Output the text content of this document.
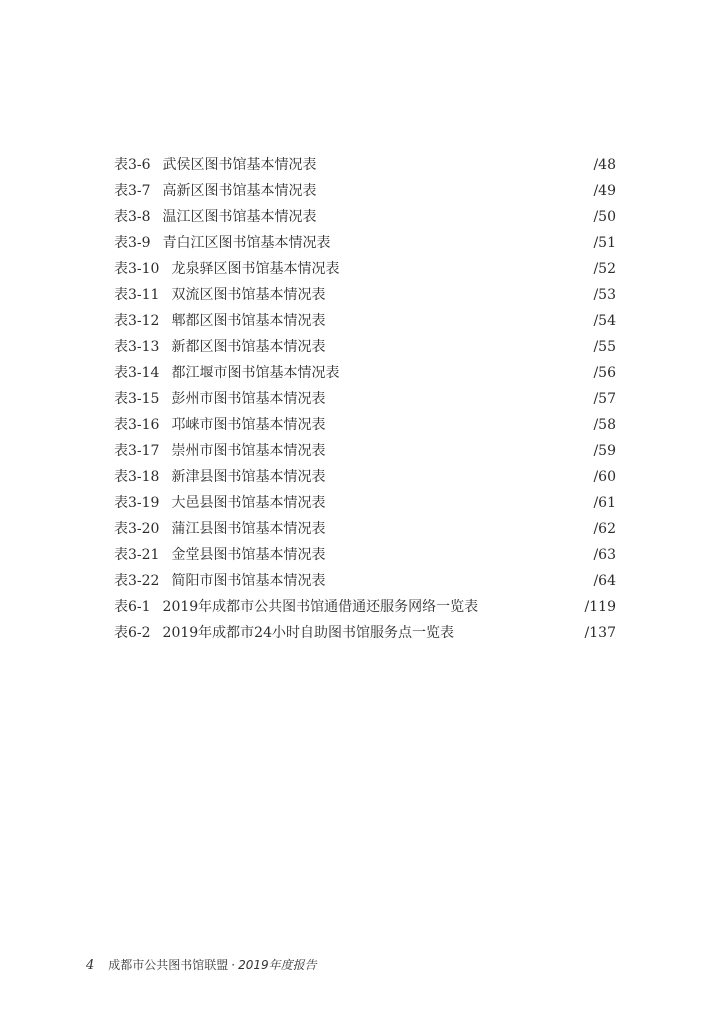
表3-6 武侯区图书馆基本情况表	/48
表3-7 高新区图书馆基本情况表	/49
表3-8 温江区图书馆基本情况表	/50
表3-9 青白江区图书馆基本情况表	/51
表3-10 龙泉驿区图书馆基本情况表	/52
表3-11 双流区图书馆基本情况表	/53
表3-12 郫都区图书馆基本情况表	/54
表3-13 新都区图书馆基本情况表	/55
表3-14 都江堰市图书馆基本情况表	/56
表3-15 彭州市图书馆基本情况表	/57
表3-16 邛崃市图书馆基本情况表	/58
表3-17 崇州市图书馆基本情况表	/59
表3-18 新津县图书馆基本情况表	/60
表3-19 大邑县图书馆基本情况表	/61
表3-20 蒲江县图书馆基本情况表	/62
表3-21 金堂县图书馆基本情况表	/63
表3-22 简阳市图书馆基本情况表	/64
表6-1 2019年成都市公共图书馆通借通还服务网络一览表	/119
表6-2 2019年成都市24小时自助图书馆服务点一览表	/137
4 成都市公共图书馆联盟 · 2019年度报告
